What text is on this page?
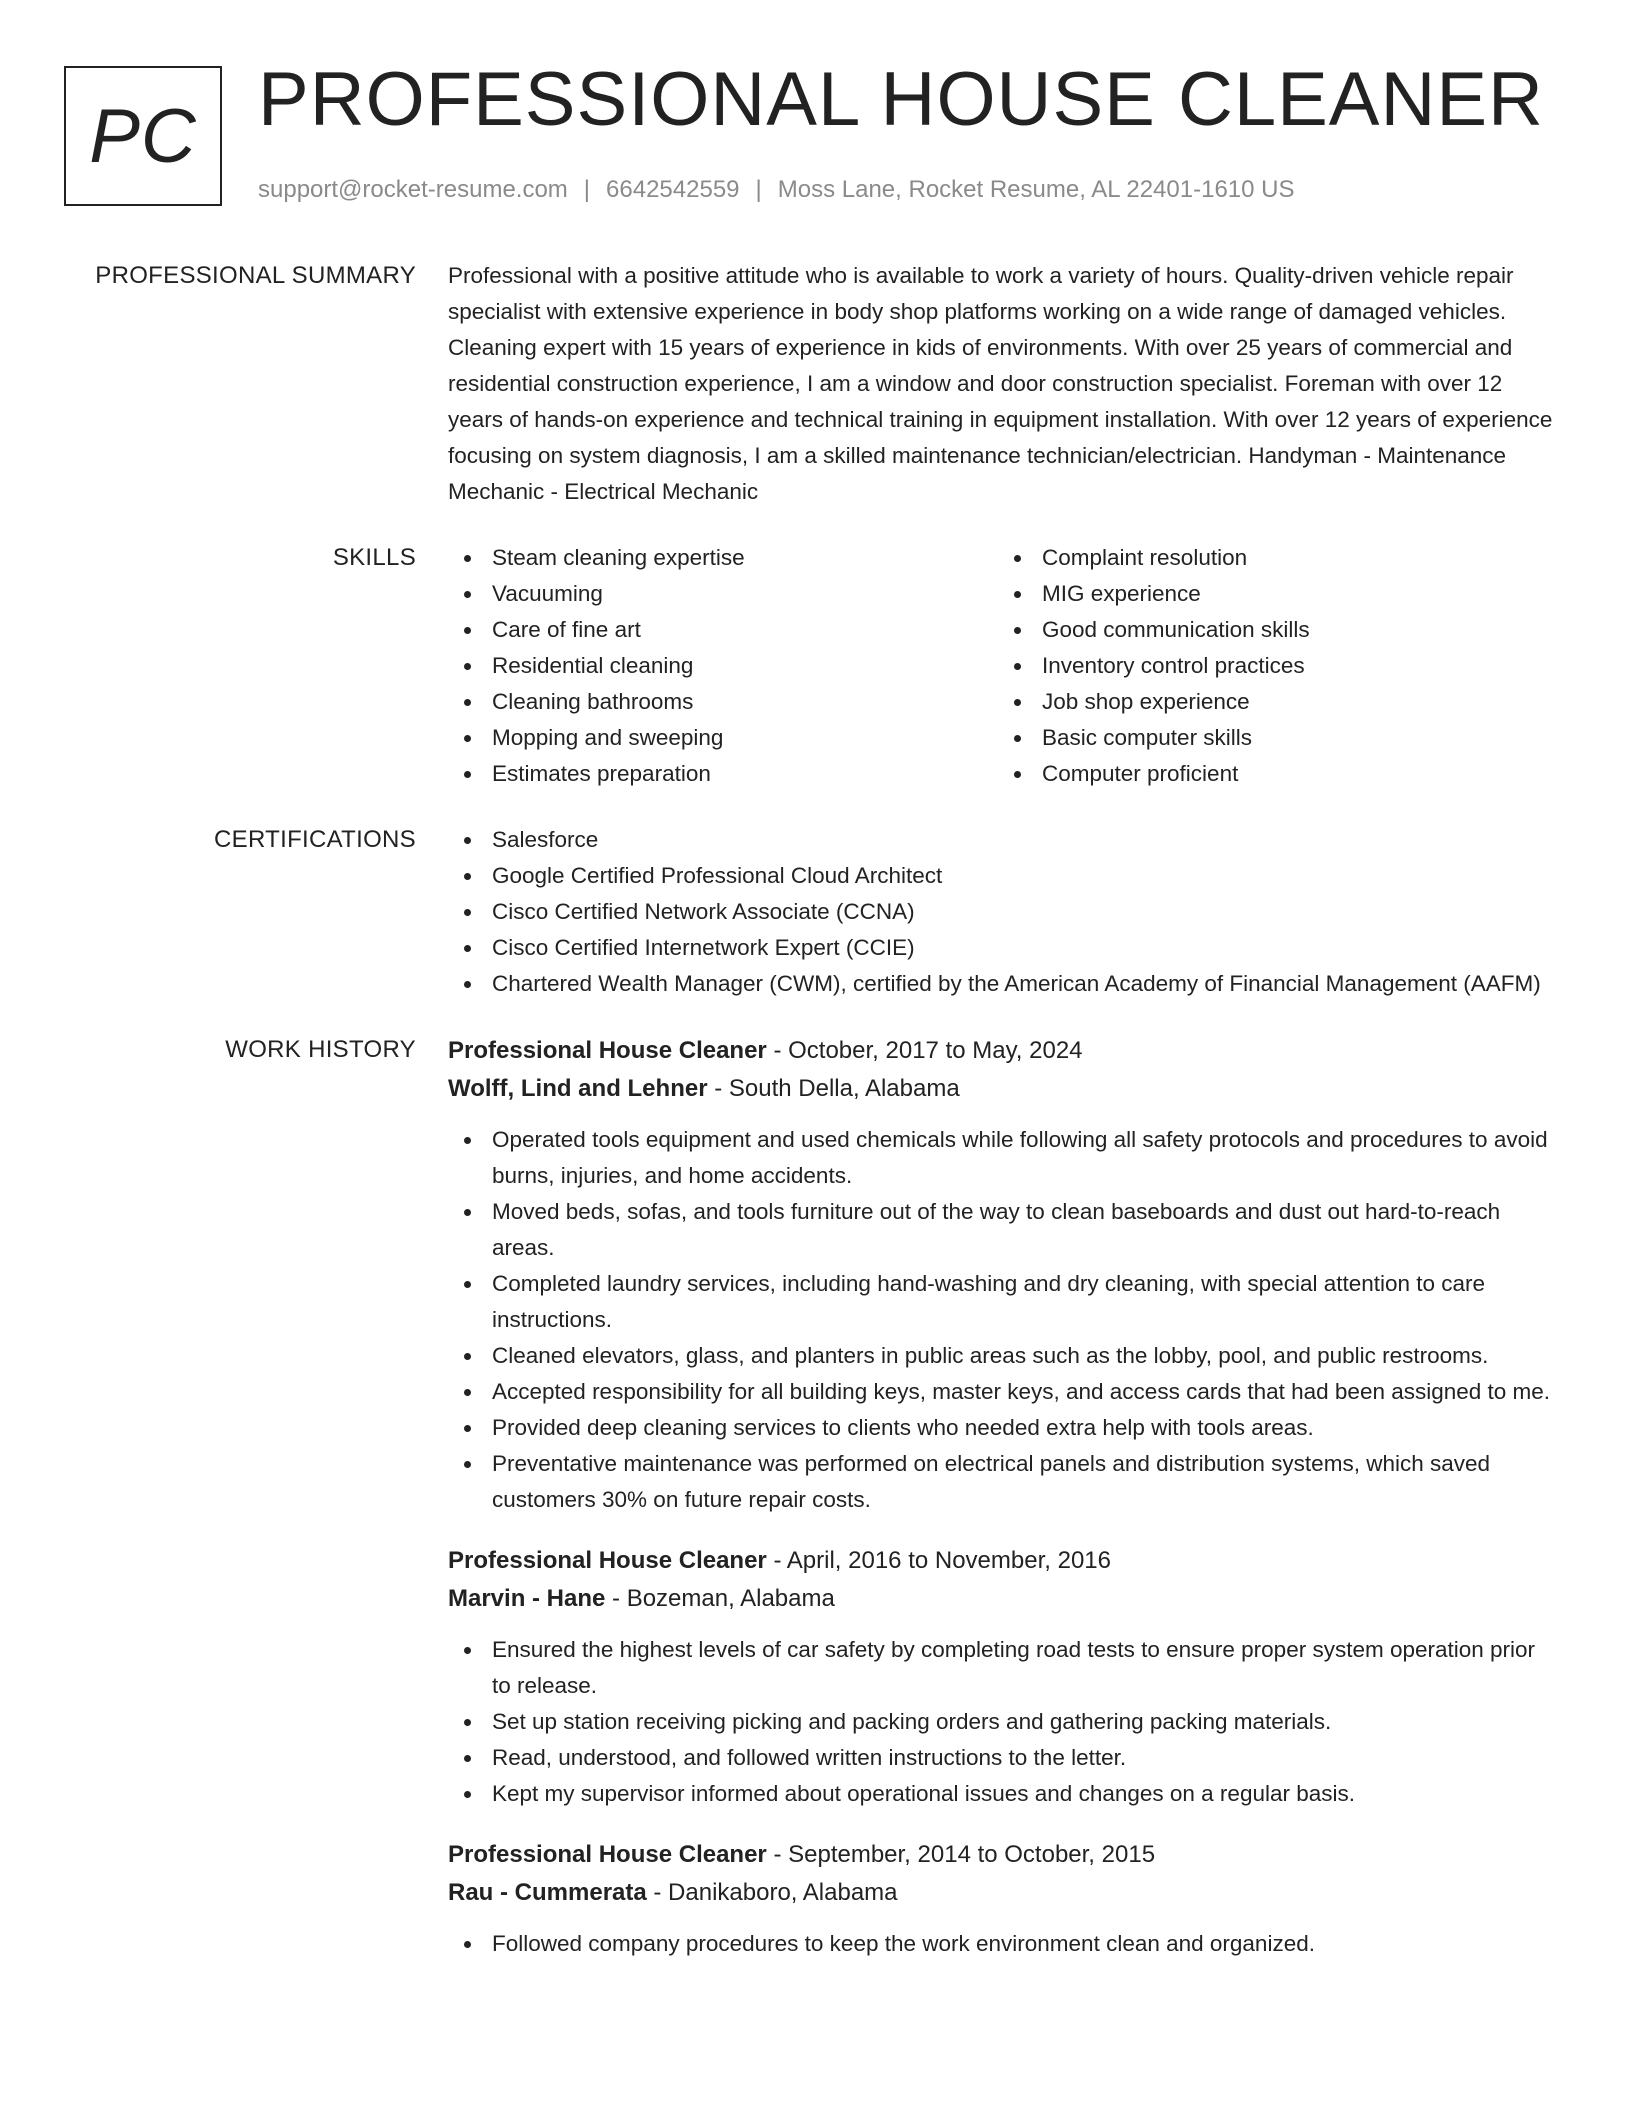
PC PROFESSIONAL HOUSE CLEANER
support@rocket-resume.com | 6642542559 | Moss Lane, Rocket Resume, AL 22401-1610 US
PROFESSIONAL SUMMARY Professional with a positive attitude who is available to work a variety of hours. Quality-driven vehicle repair specialist with extensive experience in body shop platforms working on a wide range of damaged vehicles. Cleaning expert with 15 years of experience in kids of environments. With over 25 years of commercial and residential construction experience, I am a window and door construction specialist. Foreman with over 12 years of hands-on experience and technical training in equipment installation. With over 12 years of experience focusing on system diagnosis, I am a skilled maintenance technician/electrician. Handyman - Maintenance Mechanic - Electrical Mechanic

SKILLS	Steam cleaning expertise
Vacuuming
Care of fine art
Residential cleaning
Cleaning bathrooms
Mopping and sweeping
Estimates preparation
Complaint resolution
MIG experience
Good communication skills
Inventory control practices
Job shop experience
Basic computer skills
Computer proficient
CERTIFICATIONS	Salesforce
Google Certified Professional Cloud Architect
Cisco Certified Network Associate (CCNA)
Cisco Certified Internetwork Expert (CCIE)
Chartered Wealth Manager (CWM), certified by the American Academy of Financial Management (AAFM)
WORK HISTORY Professional House Cleaner - October, 2017 to May, 2024
Wolff, Lind and Lehner - South Della, Alabama
Operated tools equipment and used chemicals while following all safety protocols and procedures to avoid burns, injuries, and home accidents.
Moved beds, sofas, and tools furniture out of the way to clean baseboards and dust out hard-to-reach areas.
Completed laundry services, including hand-washing and dry cleaning, with special attention to care instructions.
Cleaned elevators, glass, and planters in public areas such as the lobby, pool, and public restrooms.
Accepted responsibility for all building keys, master keys, and access cards that had been assigned to me.
Provided deep cleaning services to clients who needed extra help with tools areas.
Preventative maintenance was performed on electrical panels and distribution systems, which saved customers 30% on future repair costs.
Professional House Cleaner - April, 2016 to November, 2016
Marvin - Hane - Bozeman, Alabama
Ensured the highest levels of car safety by completing road tests to ensure proper system operation prior to release.
Set up station receiving picking and packing orders and gathering packing materials.
Read, understood, and followed written instructions to the letter.
Kept my supervisor informed about operational issues and changes on a regular basis.
Professional House Cleaner - September, 2014 to October, 2015
Rau - Cummerata - Danikaboro, Alabama
Followed company procedures to keep the work environment clean and organized.
